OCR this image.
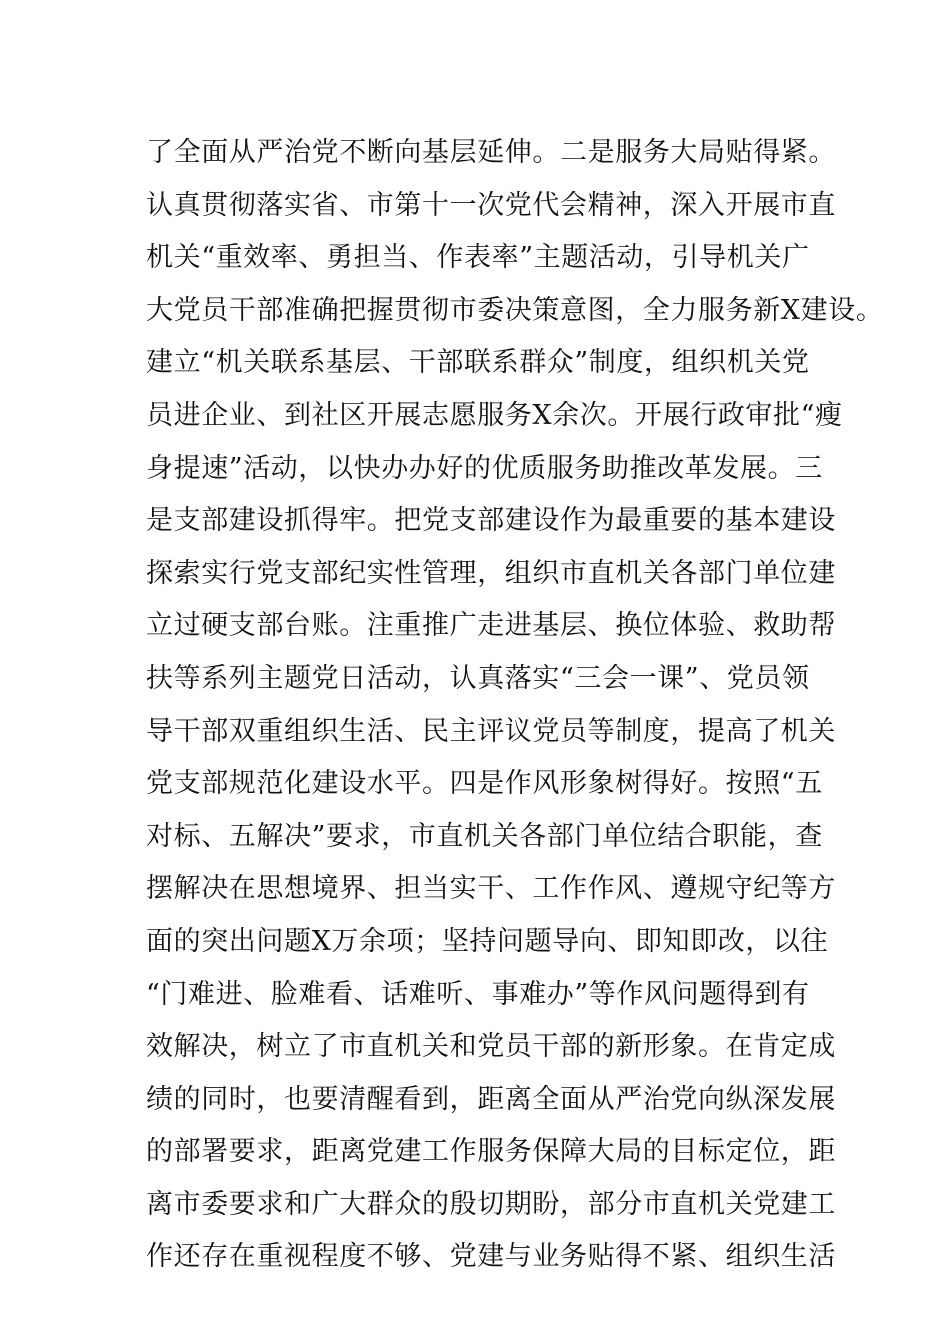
了全面从严治党不断向基层延伸。二是服务大局贴得紧。
认真贯彻落实省、市第十一次党代会精神，深入开展市直
机关“重效率、勇担当、作表率”主题活动，引导机关广
大党员干部准确把握贯彻市委决策意图，全力服务新X建设。
建立“机关联系基层、干部联系群众”制度，组织机关党
员进企业、到社区开展志愿服务X余次。开展行政审批“瘦
身提速”活动，以快办办好的优质服务助推改革发展。三
是支部建设抓得牢。把党支部建设作为最重要的基本建设
探索实行党支部纪实性管理，组织市直机关各部门单位建
立过硬支部台账。注重推广走进基层、换位体验、救助帮
扶等系列主题党日活动，认真落实“三会一课”、党员领
导干部双重组织生活、民主评议党员等制度，提高了机关
党支部规范化建设水平。四是作风形象树得好。按照“五
对标、五解决”要求，市直机关各部门单位结合职能，查
摆解决在思想境界、担当实干、工作作风、遵规守纪等方
面的突出问题X万余项；坚持问题导向、即知即改，以往
“门难进、脸难看、话难听、事难办”等作风问题得到有
效解决，树立了市直机关和党员干部的新形象。在肯定成
绩的同时，也要清醒看到，距离全面从严治党向纵深发展
的部署要求，距离党建工作服务保障大局的目标定位，距
离市委要求和广大群众的殷切期盼，部分市直机关党建工
作还存在重视程度不够、党建与业务贴得不紧、组织生活
